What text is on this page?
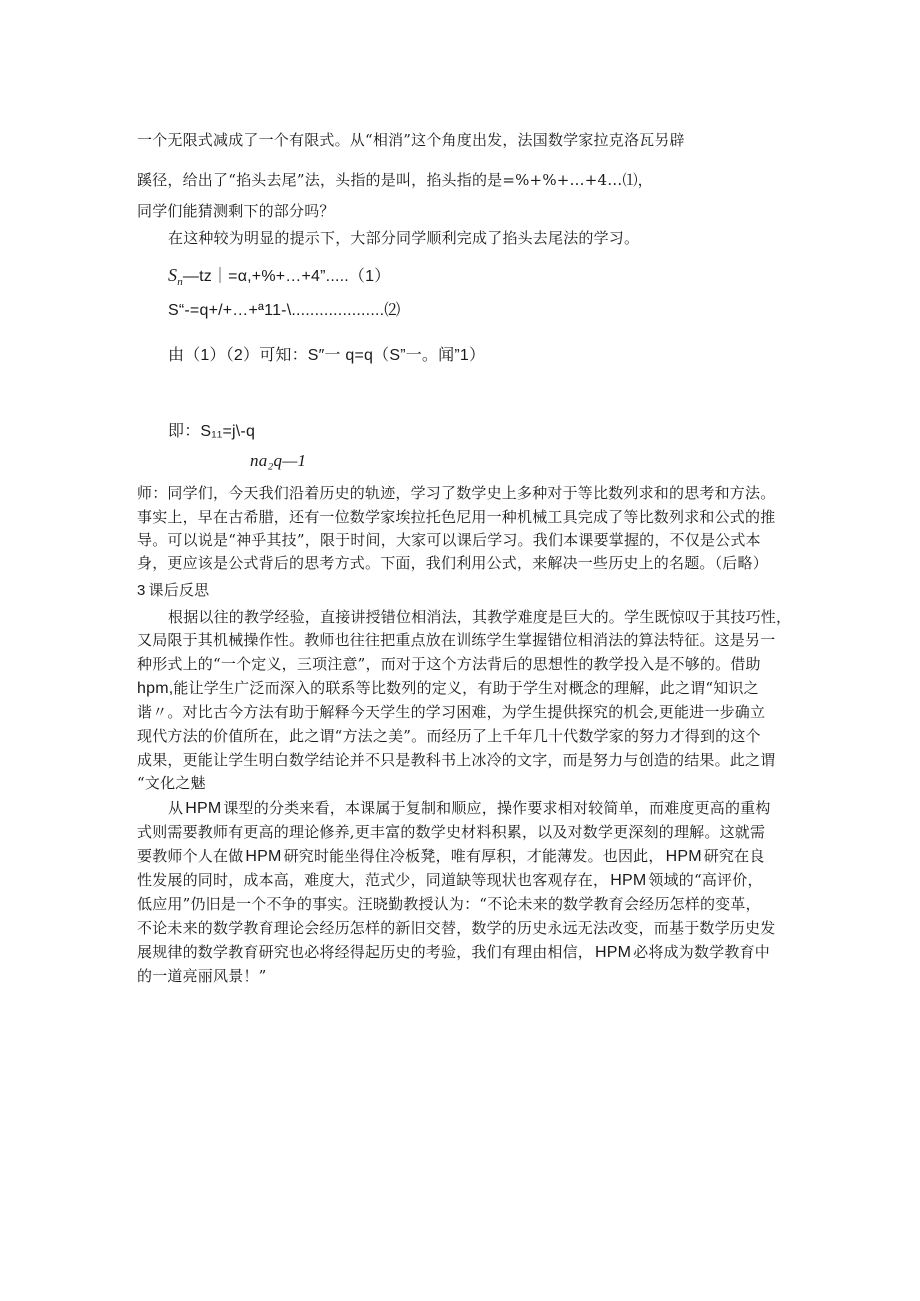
一个无限式减成了一个有限式。从“相消”这个角度出发，法国数学家拉克洛瓦另辟
蹊径，给出了“掐头去尾”法，头指的是叫，掐头指的是=%+%+…+4…⑴，
同学们能猜测剩下的部分吗？
在这种较为明显的提示下，大部分同学顺利完成了掐头去尾法的学习。
$S_n—tz|=\alpha,+\%+\dots+4”.....(1)$
S“-=q+/+…+ª11-\....................⑵
由（1）（2）可知：S″一 q=q（S”一。闻”1）
即：S₁₁=j\-q
na₂q—1
师：同学们，今天我们沿着历史的轨迹，学习了数学史上多种对于等比数列求和的思考和方法。
事实上，早在古希腊，还有一位数学家埃拉托色尼用一种机械工具完成了等比数列求和公式的推
导。可以说是“神乎其技”，限于时间，大家可以课后学习。我们本课要掌握的，不仅是公式本
身，更应该是公式背后的思考方式。下面，我们利用公式，来解决一些历史上的名题。（后略）
3 课后反思
根据以往的教学经验，直接讲授错位相消法，其教学难度是巨大的。学生既惊叹于其技巧性，
又局限于其机械操作性。教师也往往把重点放在训练学生掌握错位相消法的算法特征。这是另一
种形式上的“一个定义，三项注意”，而对于这个方法背后的思想性的教学投入是不够的。借助
hpm,能让学生广泛而深入的联系等比数列的定义，有助于学生对概念的理解，此之谓“知识之
谐〃。对比古今方法有助于解释今天学生的学习困难，为学生提供探究的机会,更能进一步确立
现代方法的价值所在，此之谓“方法之美”。而经历了上千年几十代数学家的努力才得到的这个
成果，更能让学生明白数学结论并不只是教科书上冰冷的文字，而是努力与创造的结果。此之谓
“文化之魅
从 HPM 课型的分类来看，本课属于复制和顺应，操作要求相对较简单，而难度更高的重构
式则需要教师有更高的理论修养,更丰富的数学史材料积累，以及对数学更深刻的理解。这就需
要教师个人在做 HPM 研究时能坐得住冷板凳，唯有厚积，才能薄发。也因此， HPM 研究在良
性发展的同时，成本高，难度大，范式少，同道缺等现状也客观存在， HPM 领域的“高评价，
低应用”仍旧是一个不争的事实。汪晓勤教授认为：“不论未来的数学教育会经历怎样的变革，
不论未来的数学教育理论会经历怎样的新旧交替，数学的历史永远无法改变，而基于数学历史发
展规律的数学教育研究也必将经得起历史的考验，我们有理由相信， HPM 必将成为数学教育中
的一道亮丽风景！”
